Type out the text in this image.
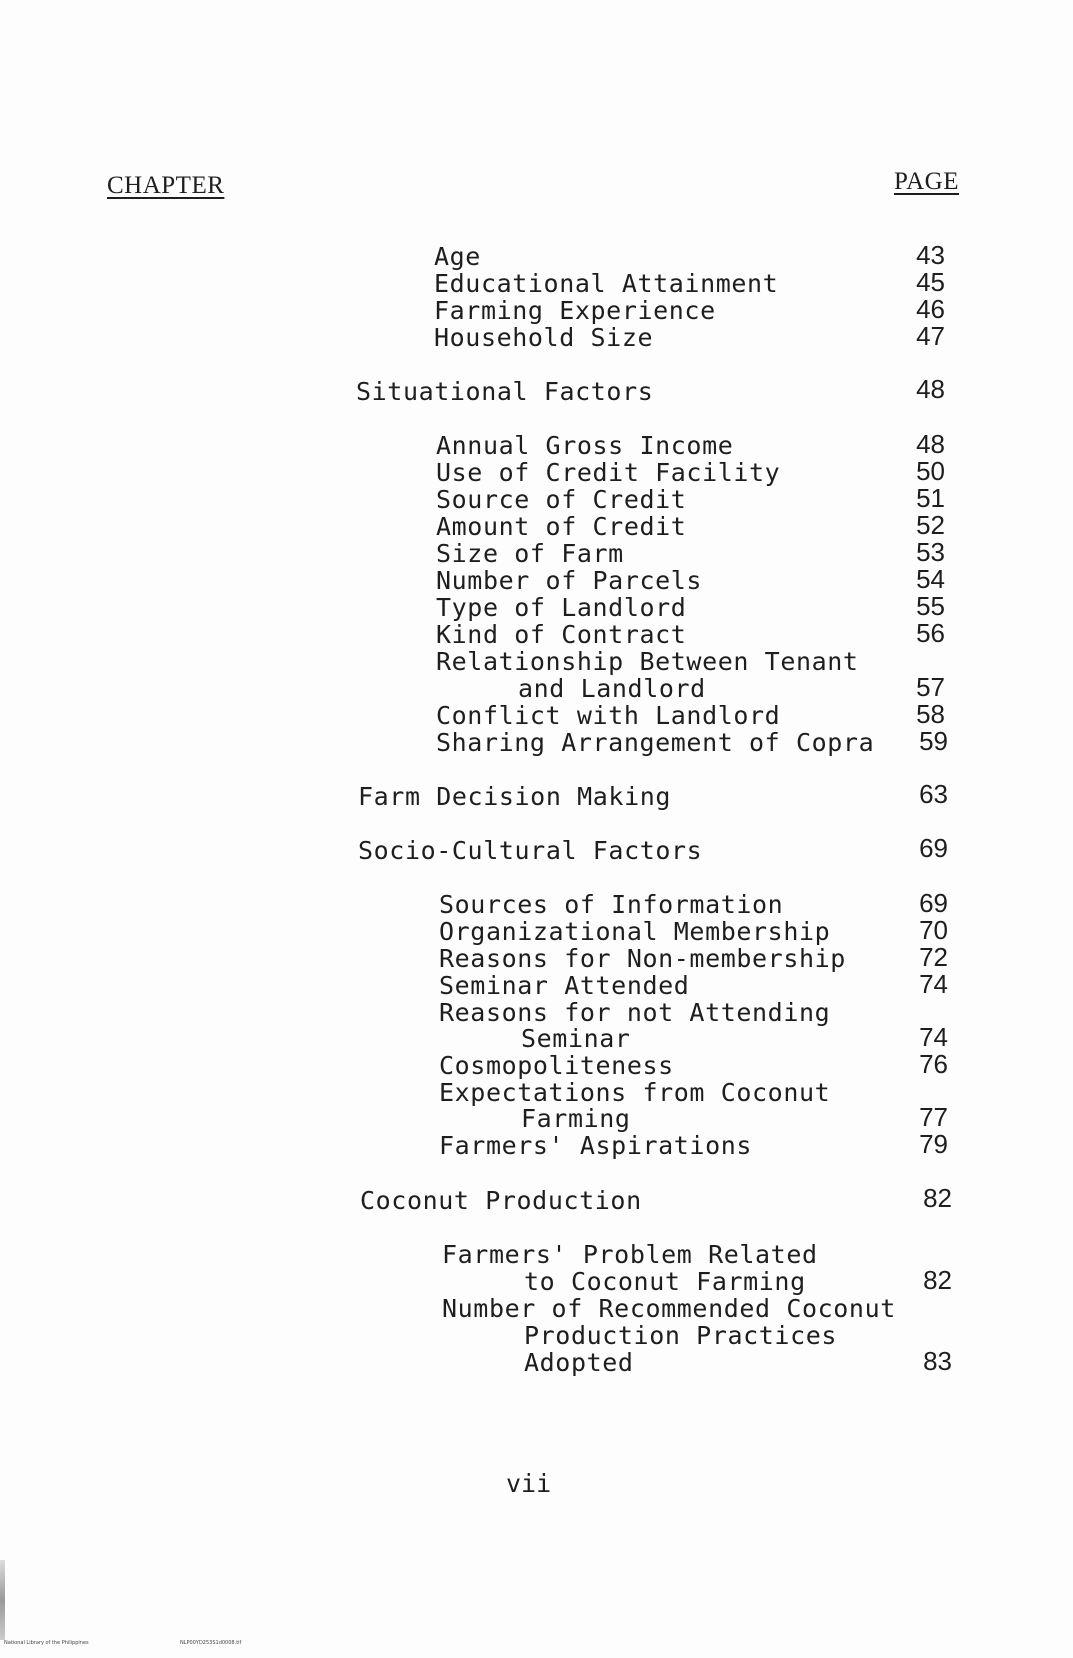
CHAPTER	PAGE
Age	43
Educational Attainment	45
Farming Experience	46
Household Size	47
Situational Factors	48
Annual Gross Income	48
Use of Credit Facility	50
Source of Credit	51
Amount of Credit	52
Size of Farm	53
Number of Parcels	54
Type of Landlord	55
Kind of Contract	56
Relationship Between Tenant
and Landlord	57
Conflict with Landlord	58
Sharing Arrangement of Copra	59
Farm Decision Making	63
Socio-Cultural Factors	69
Sources of Information	69
Organizational Membership	70
Reasons for Non-membership	72
Seminar Attended	74
Reasons for not Attending
Seminar	74
Cosmopoliteness	76
Expectations from Coconut
Farming	77
Farmers' Aspirations	79
Coconut Production	82
Farmers' Problem Related
to Coconut Farming	82
Number of Recommended Coconut
Production Practices
Adopted	83
vii
National Library of the Philippines	NLP00YD253S1d0008.tif
